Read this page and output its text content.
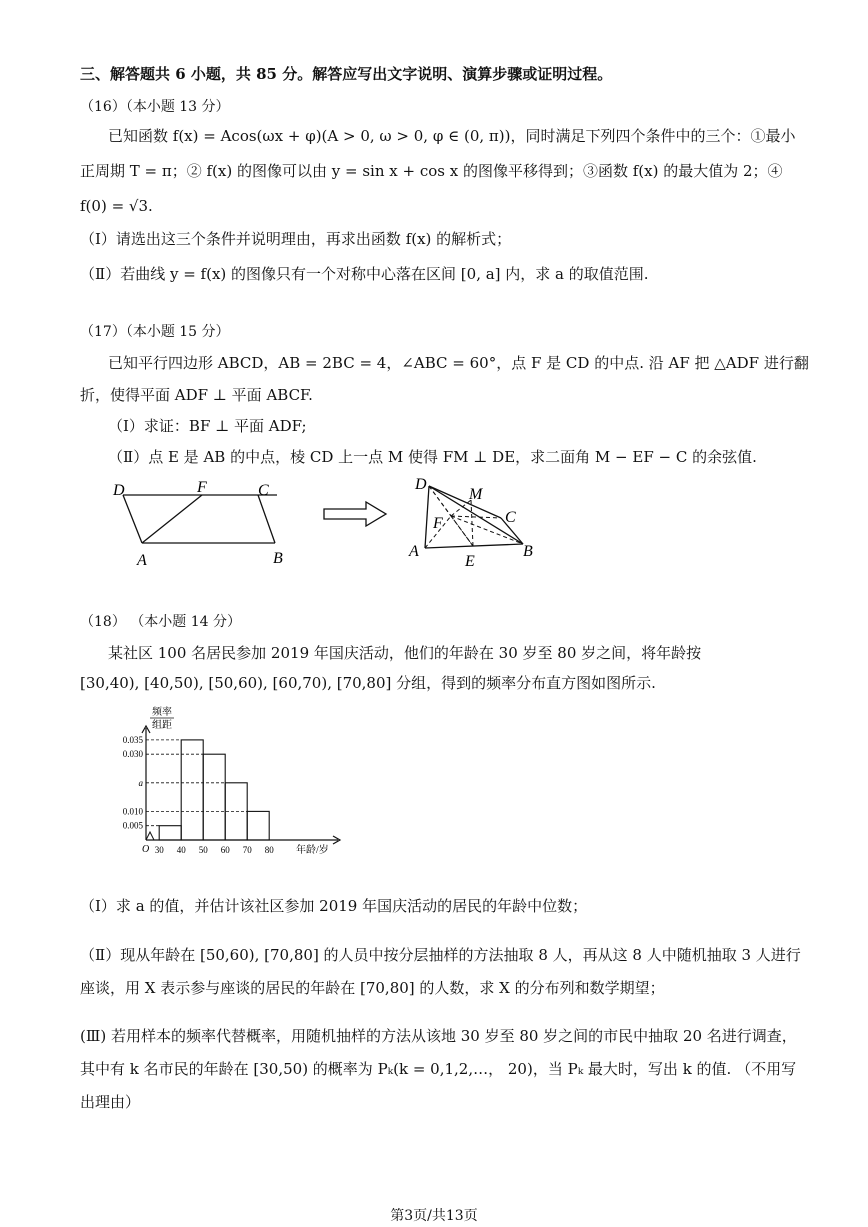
三、解答题共 6 小题，共 85 分。解答应写出文字说明、演算步骤或证明过程。
（16）（本小题 13 分）
已知函数 f(x) = Acos(ωx + φ)(A > 0, ω > 0, φ ∈ (0, π))，同时满足下列四个条件中的三个：①最小
正周期 T = π；② f(x) 的图像可以由 y = sin x + cos x 的图像平移得到；③函数 f(x) 的最大值为 2；④
f(0) = √3.
（Ⅰ）请选出这三个条件并说明理由，再求出函数 f(x) 的解析式；
（Ⅱ）若曲线 y = f(x) 的图像只有一个对称中心落在区间 [0, a] 内，求 a 的取值范围.
（17）（本小题 15 分）
已知平行四边形 ABCD，AB = 2BC = 4，∠ABC = 60°，点 F 是 CD 的中点. 沿 AF 把 △ADF 进行翻
折，使得平面 ADF ⊥ 平面 ABCF.
（Ⅰ）求证：BF ⊥ 平面 ADF;
（Ⅱ）点 E 是 AB 的中点，棱 CD 上一点 M 使得 FM ⊥ DE，求二面角 M − EF − C 的余弦值.
D	F	C
A	B
D
M
C
F
A
E
B
（18） （本小题 14 分）
某社区 100 名居民参加 2019 年国庆活动，他们的年龄在 30 岁至 80 岁之间，将年龄按
[30,40), [40,50), [50,60), [60,70), [70,80] 分组，得到的频率分布直方图如图所示.
频率
组距
O	年龄/岁
0.035
0.030
a
0.010
0.005
30 40 50 60 70 80
（Ⅰ）求 a 的值，并估计该社区参加 2019 年国庆活动的居民的年龄中位数；
（Ⅱ）现从年龄在 [50,60), [70,80] 的人员中按分层抽样的方法抽取 8 人，再从这 8 人中随机抽取 3 人进行
座谈，用 X 表示参与座谈的居民的年龄在 [70,80] 的人数，求 X 的分布列和数学期望；
(Ⅲ) 若用样本的频率代替概率，用随机抽样的方法从该地 30 岁至 80 岁之间的市民中抽取 20 名进行调查，
其中有 k 名市民的年龄在 [30,50) 的概率为 Pₖ(k = 0,1,2,…， 20)，当 Pₖ 最大时，写出 k 的值. （不用写
出理由）
第3页/共13页
